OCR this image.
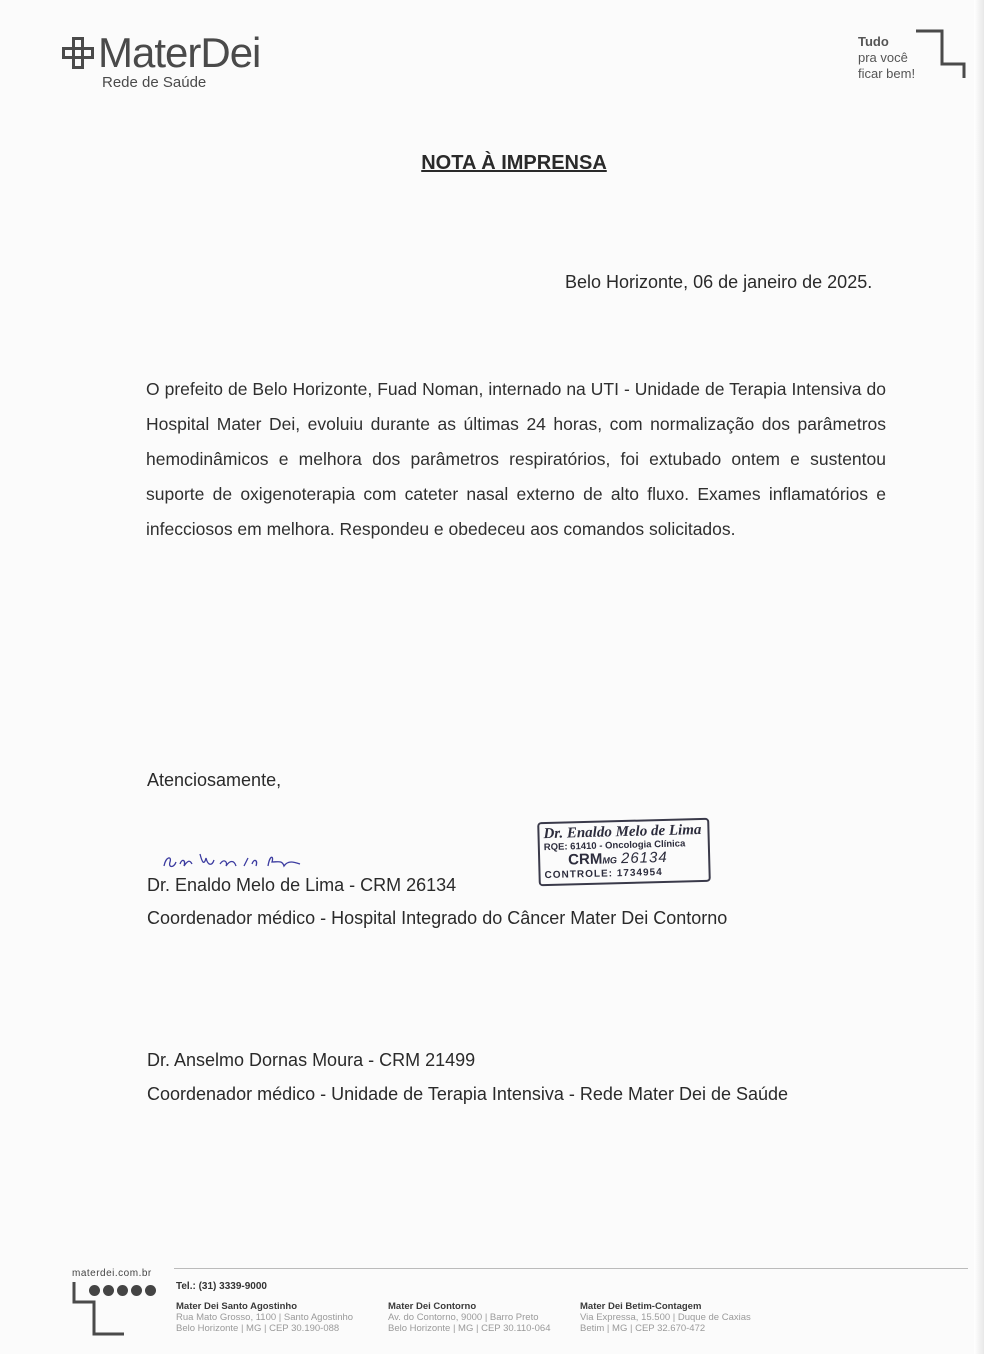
MaterDei
Rede de Saúde
Tudo
pra você
ficar bem!
NOTA À IMPRENSA
Belo Horizonte, 06 de janeiro de 2025.
O prefeito de Belo Horizonte, Fuad Noman, internado na UTI - Unidade de Terapia Intensiva do Hospital Mater Dei, evoluiu durante as últimas 24 horas, com normalização dos parâmetros hemodinâmicos e melhora dos parâmetros respiratórios, foi extubado ontem e sustentou suporte de oxigenoterapia com cateter nasal externo de alto fluxo. Exames inflamatórios e infecciosos em melhora. Respondeu e obedeceu aos comandos solicitados.
Atenciosamente,
Dr. Enaldo Melo de Lima - CRM 26134
Coordenador médico - Hospital Integrado do Câncer Mater Dei Contorno
Dr. Anselmo Dornas Moura - CRM 21499
Coordenador médico - Unidade de Terapia Intensiva - Rede Mater Dei de Saúde
Dr. Enaldo Melo de Lima
RQE: 61410 - Oncologia Clínica
CRMMG 26134
CONTROLE: 1734954
materdei.com.br
Tel.: (31) 3339-9000
Mater Dei Santo Agostinho
Rua Mato Grosso, 1100 | Santo Agostinho
Belo Horizonte | MG | CEP 30.190-088
Mater Dei Contorno
Av. do Contorno, 9000 | Barro Preto
Belo Horizonte | MG | CEP 30.110-064
Mater Dei Betim-Contagem
Via Expressa, 15.500 | Duque de Caxias
Betim | MG | CEP 32.670-472
